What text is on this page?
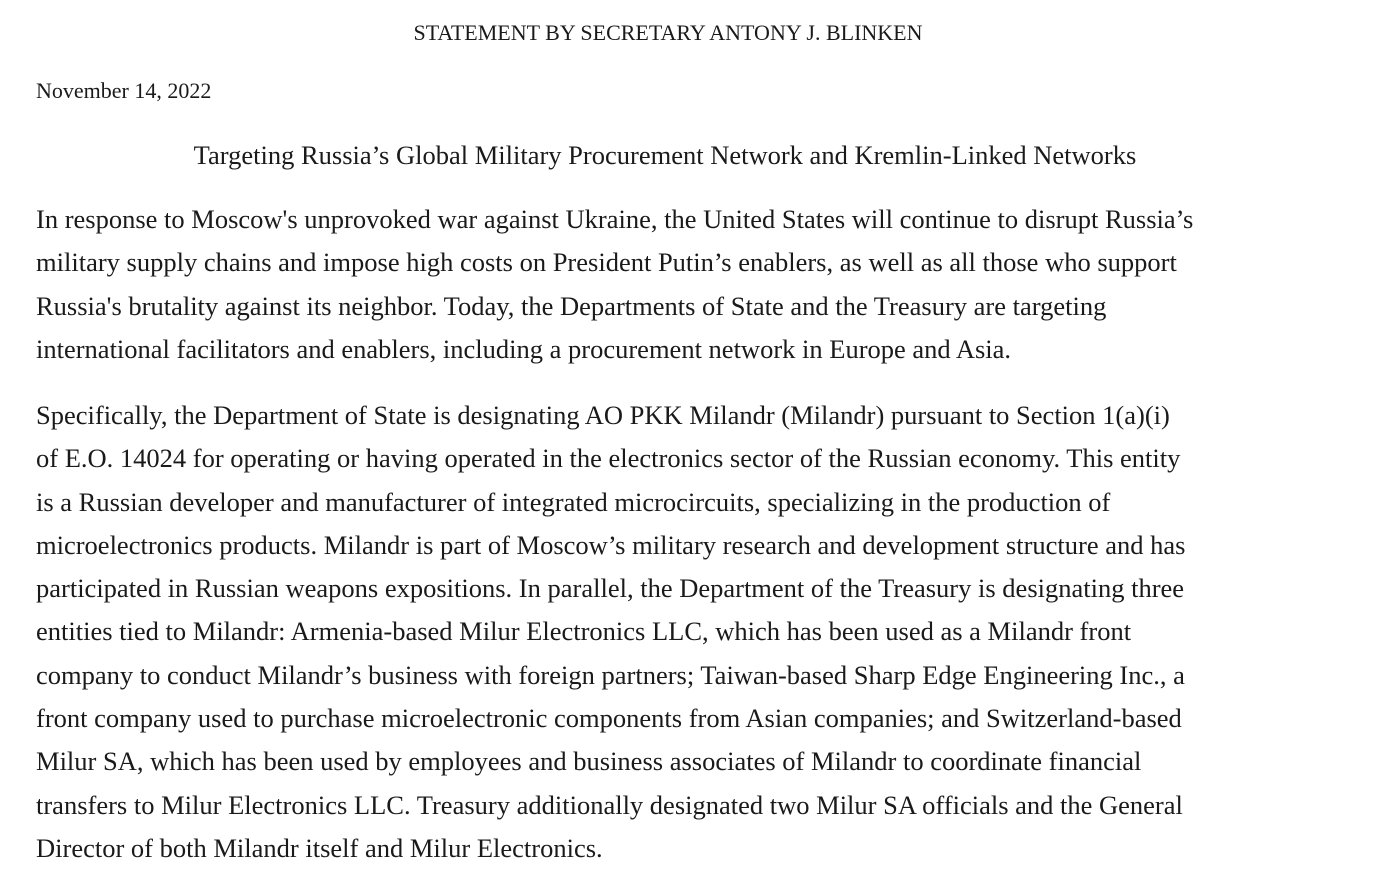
STATEMENT BY SECRETARY ANTONY J. BLINKEN
November 14, 2022
Targeting Russia’s Global Military Procurement Network and Kremlin-Linked Networks

In response to Moscow's unprovoked war against Ukraine, the United States will continue to disrupt Russia’s
military supply chains and impose high costs on President Putin’s enablers, as well as all those who support
Russia's brutality against its neighbor. Today, the Departments of State and the Treasury are targeting
international facilitators and enablers, including a procurement network in Europe and Asia.

Specifically, the Department of State is designating AO PKK Milandr (Milandr) pursuant to Section 1(a)(i)
of E.O. 14024 for operating or having operated in the electronics sector of the Russian economy. This entity
is a Russian developer and manufacturer of integrated microcircuits, specializing in the production of
microelectronics products. Milandr is part of Moscow’s military research and development structure and has
participated in Russian weapons expositions. In parallel, the Department of the Treasury is designating three
entities tied to Milandr: Armenia-based Milur Electronics LLC, which has been used as a Milandr front
company to conduct Milandr’s business with foreign partners; Taiwan-based Sharp Edge Engineering Inc., a
front company used to purchase microelectronic components from Asian companies; and Switzerland-based
Milur SA, which has been used by employees and business associates of Milandr to coordinate financial
transfers to Milur Electronics LLC. Treasury additionally designated two Milur SA officials and the General
Director of both Milandr itself and Milur Electronics.
